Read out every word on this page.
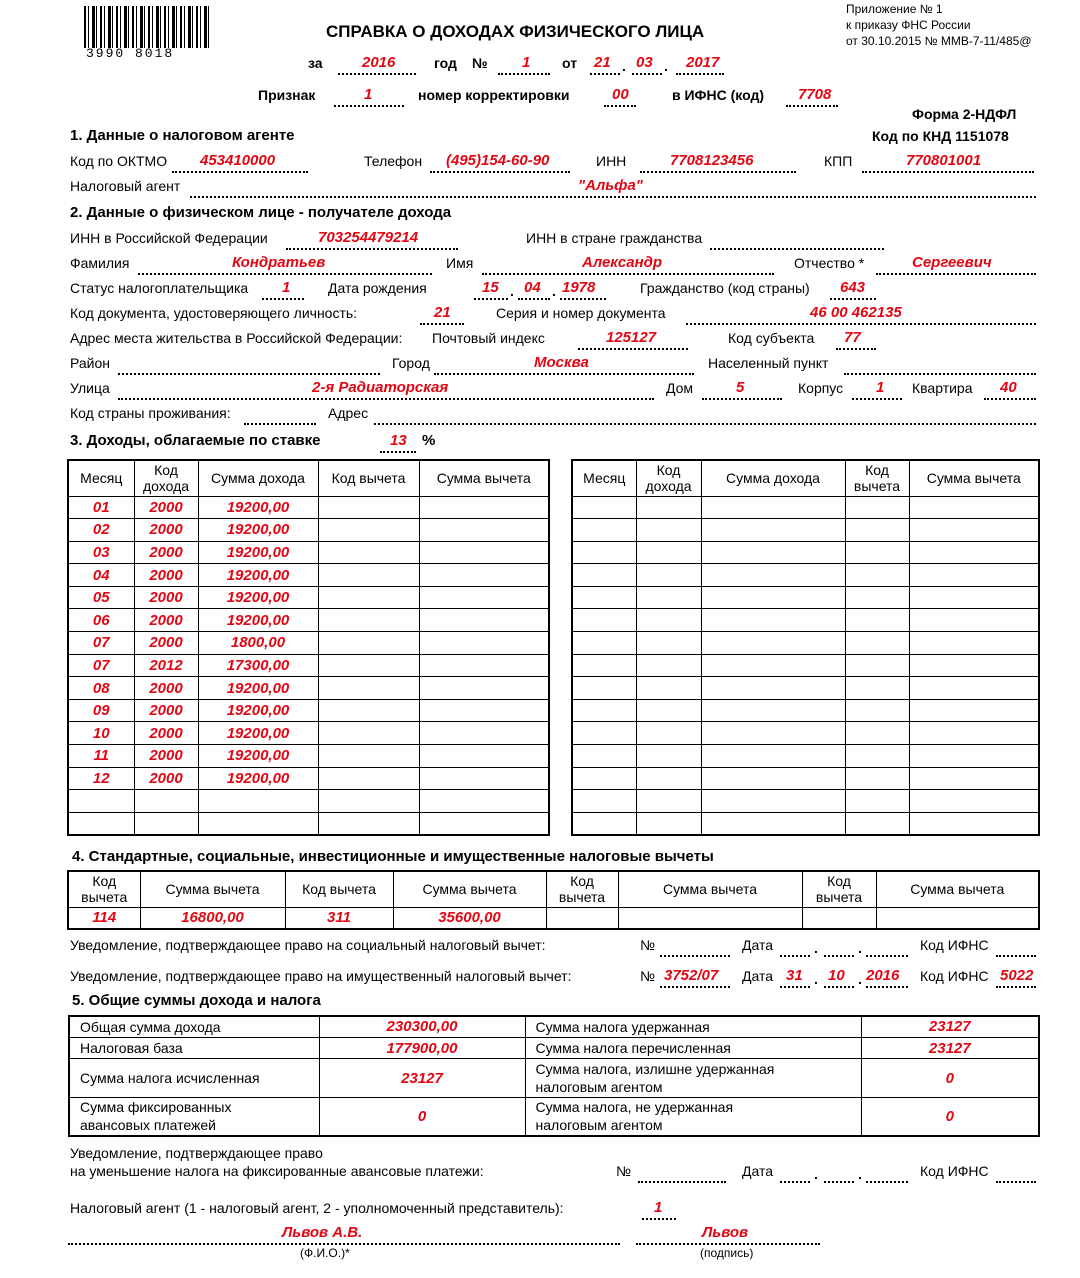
3990 8018
Приложение № 1
к приказу ФНС России
от 30.10.2015 № ММВ-7-11/485@
СПРАВКА О ДОХОДАХ ФИЗИЧЕСКОГО ЛИЦА
за	2016	год № 1 от 21 . 03 . 2017
Признак	1	номер корректировки	00	в ИФНС (код) 7708
Форма 2-НДФЛ
Код по КНД 1151078
1. Данные о налоговом агенте
Код по ОКТМО 453410000	Телефон (495)154-60-90	ИНН	7708123456	КПП	770801001
Налоговый агент	"Альфа"
2. Данные о физическом лице - получателе дохода
ИНН в Российской Федерации	703254479214	ИНН в стране гражданства
Фамилия	Кондратьев	Имя	Александр	Отчество *	Сергеевич
Статус налогоплательщика 1	Дата рождения	15 . 04 . 1978	Гражданство (код страны) 643
Код документа, удостоверяющего личность:	21	Серия и номер документа	46 00 462135
Адрес места жительства в Российской Федерации: Почтовый индекс	125127	Код субъекта 77
Район	Город	Москва	Населенный пункт
Улица	2-я Радиаторская	Дом	5	Корпус 1 Квартира 40
Код страны проживания:	Адрес
3. Доходы, облагаемые по ставке	13 %
Месяц	Код
дохода	Сумма дохода	Код вычета	Сумма вычета
01	2000	19200,00		
02	2000	19200,00		
03	2000	19200,00		
04	2000	19200,00		
05	2000	19200,00		
06	2000	19200,00		
07	2000	1800,00		
07	2012	17300,00		
08	2000	19200,00		
09	2000	19200,00		
10	2000	19200,00		
11	2000	19200,00		
12	2000	19200,00		

Месяц	Код
дохода	Сумма дохода	Код
вычета	Сумма вычета

4. Стандартные, социальные, инвестиционные и имущественные налоговые вычеты
Код
вычета	Сумма вычета	Код вычета	Сумма вычета	Код
вычета	Сумма вычета	Код
вычета	Сумма вычета
114	16800,00	311	35600,00				
Уведомление, подтверждающее право на социальный налоговый вычет:	№	Дата	.	.	Код ИФНС
Уведомление, подтверждающее право на имущественный налоговый вычет:	№ 3752/07 Дата 31 . 10 . 2016 Код ИФНС 5022
5. Общие суммы дохода и налога
Общая сумма дохода	230300,00	Сумма налога удержанная	23127
Налоговая база	177900,00	Сумма налога перечисленная	23127
Сумма налога исчисленная	23127	Сумма налога, излишне удержанная
налоговым агентом	0
Сумма фиксированных
авансовых платежей	0	Сумма налога, не удержанная
налоговым агентом	0
Уведомление, подтверждающее право
на уменьшение налога на фиксированные авансовые платежи:	№	Дата	.	.	Код ИФНС
Налоговый агент (1 - налоговый агент, 2 - уполномоченный представитель):	1
Львов А.В.
(Ф.И.О.)*
Львов
(подпись)
